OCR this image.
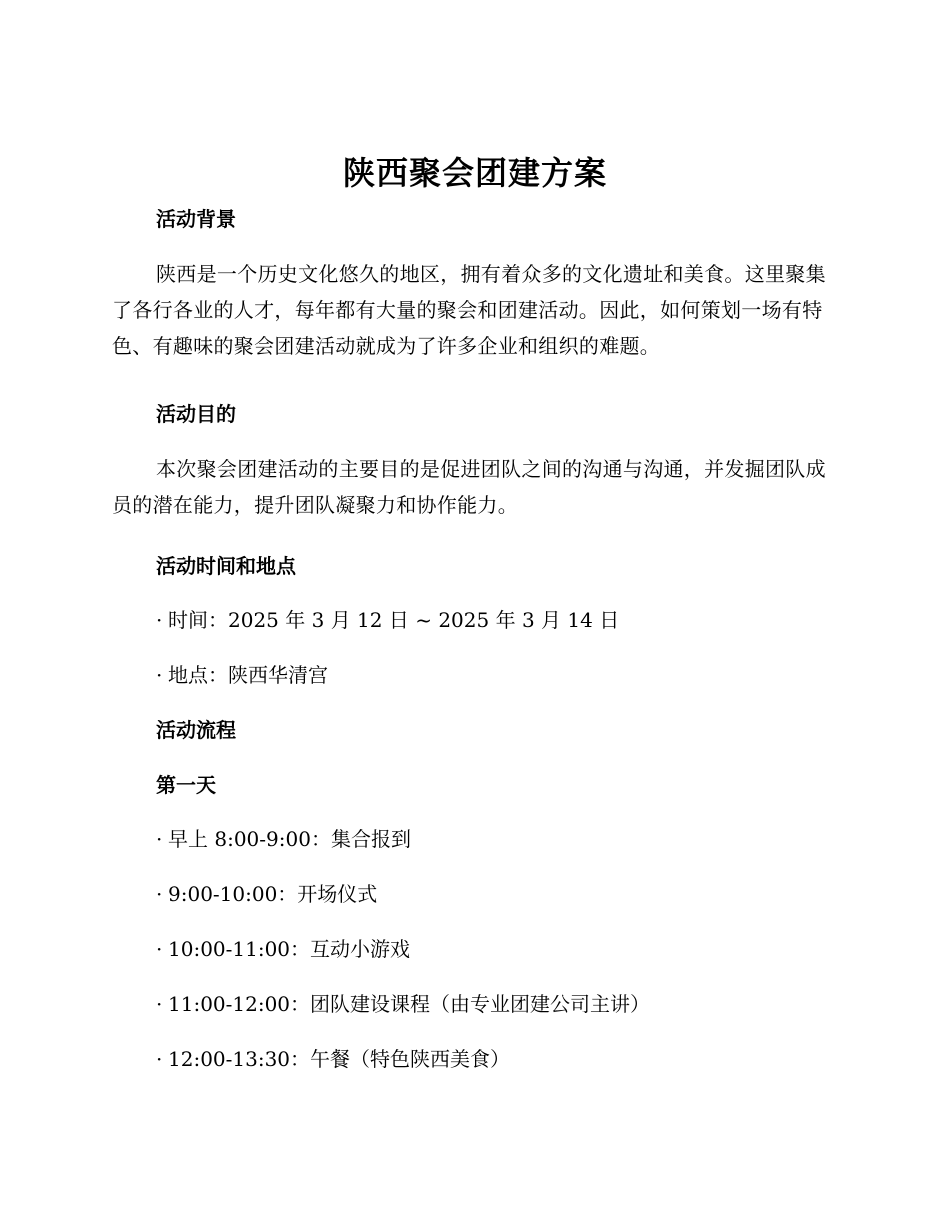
陕西聚会团建方案
活动背景
陕西是一个历史文化悠久的地区，拥有着众多的文化遗址和美食。这里聚集了各行各业的人才，每年都有大量的聚会和团建活动。因此，如何策划一场有特色、有趣味的聚会团建活动就成为了许多企业和组织的难题。
活动目的
本次聚会团建活动的主要目的是促进团队之间的沟通与沟通，并发掘团队成员的潜在能力，提升团队凝聚力和协作能力。
活动时间和地点
· 时间：2025 年 3 月 12 日 ~ 2025 年 3 月 14 日
· 地点：陕西华清宫
活动流程
第一天
· 早上 8:00-9:00：集合报到
· 9:00-10:00：开场仪式
· 10:00-11:00：互动小游戏
· 11:00-12:00：团队建设课程（由专业团建公司主讲）
· 12:00-13:30：午餐（特色陕西美食）
